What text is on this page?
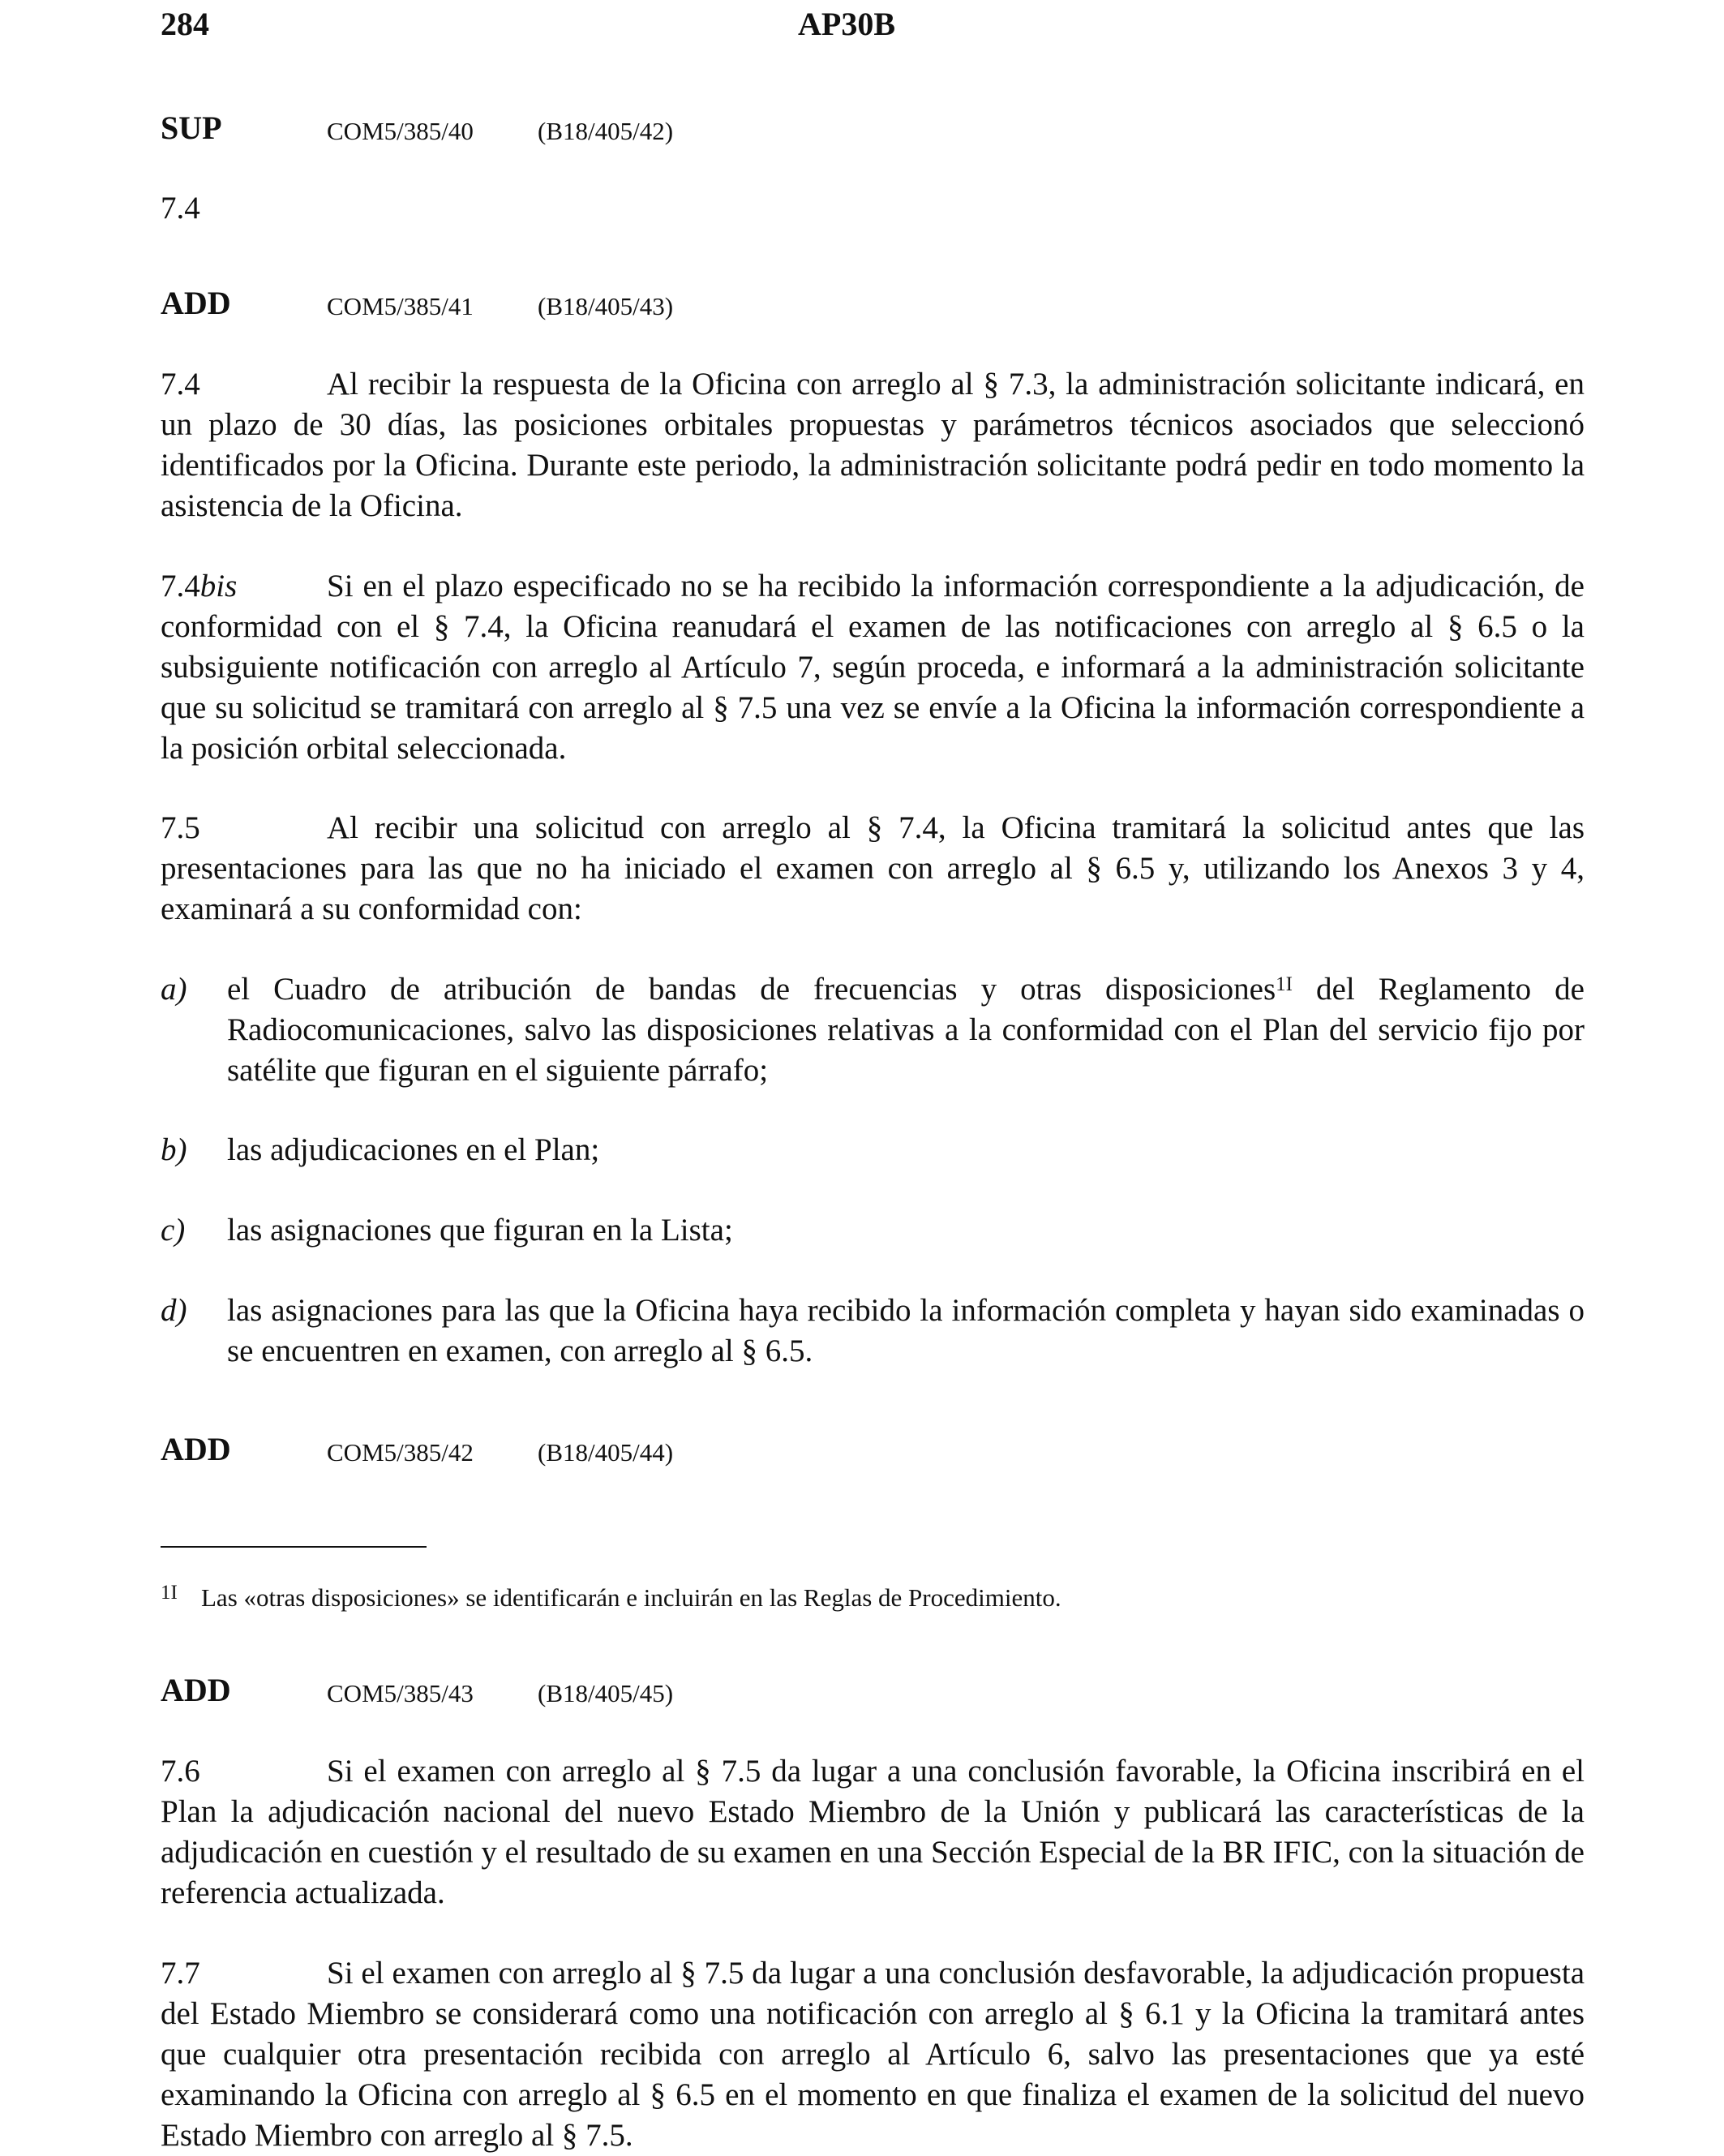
284	AP30B
SUP	COM5/385/40	(B18/405/42)
7.4
ADD	COM5/385/41	(B18/405/43)
7.4	Al recibir la respuesta de la Oficina con arreglo al § 7.3, la administración solicitante indicará, en un plazo de 30 días, las posiciones orbitales propuestas y parámetros técnicos asociados que seleccionó identificados por la Oficina. Durante este periodo, la administración solicitante podrá pedir en todo momento la asistencia de la Oficina.
7.4bis	Si en el plazo especificado no se ha recibido la información correspondiente a la adjudicación, de conformidad con el § 7.4, la Oficina reanudará el examen de las notificaciones con arreglo al § 6.5 o la subsiguiente notificación con arreglo al Artículo 7, según proceda, e informará a la administración solicitante que su solicitud se tramitará con arreglo al § 7.5 una vez se envíe a la Oficina la información correspondiente a la posición orbital seleccionada.
7.5	Al recibir una solicitud con arreglo al § 7.4, la Oficina tramitará la solicitud antes que las presentaciones para las que no ha iniciado el examen con arreglo al § 6.5 y, utilizando los Anexos 3 y 4, examinará a su conformidad con:
a) el Cuadro de atribución de bandas de frecuencias y otras disposiciones$^{1I}$ del Reglamento de Radiocomunicaciones, salvo las disposiciones relativas a la conformidad con el Plan del servicio fijo por satélite que figuran en el siguiente párrafo;
b) las adjudicaciones en el Plan;
c) las asignaciones que figuran en la Lista;
d) las asignaciones para las que la Oficina haya recibido la información completa y hayan sido examinadas o se encuentren en examen, con arreglo al § 6.5.
ADD	COM5/385/42	(B18/405/44)
1I Las «otras disposiciones» se identificarán e incluirán en las Reglas de Procedimiento.
ADD	COM5/385/43	(B18/405/45)
7.6	Si el examen con arreglo al § 7.5 da lugar a una conclusión favorable, la Oficina inscribirá en el Plan la adjudicación nacional del nuevo Estado Miembro de la Unión y publicará las características de la adjudicación en cuestión y el resultado de su examen en una Sección Especial de la BR IFIC, con la situación de referencia actualizada.
7.7	Si el examen con arreglo al § 7.5 da lugar a una conclusión desfavorable, la adjudicación propuesta del Estado Miembro se considerará como una notificación con arreglo al § 6.1 y la Oficina la tramitará antes que cualquier otra presentación recibida con arreglo al Artículo 6, salvo las presentaciones que ya esté examinando la Oficina con arreglo al § 6.5 en el momento en que finaliza el examen de la solicitud del nuevo Estado Miembro con arreglo al § 7.5.
